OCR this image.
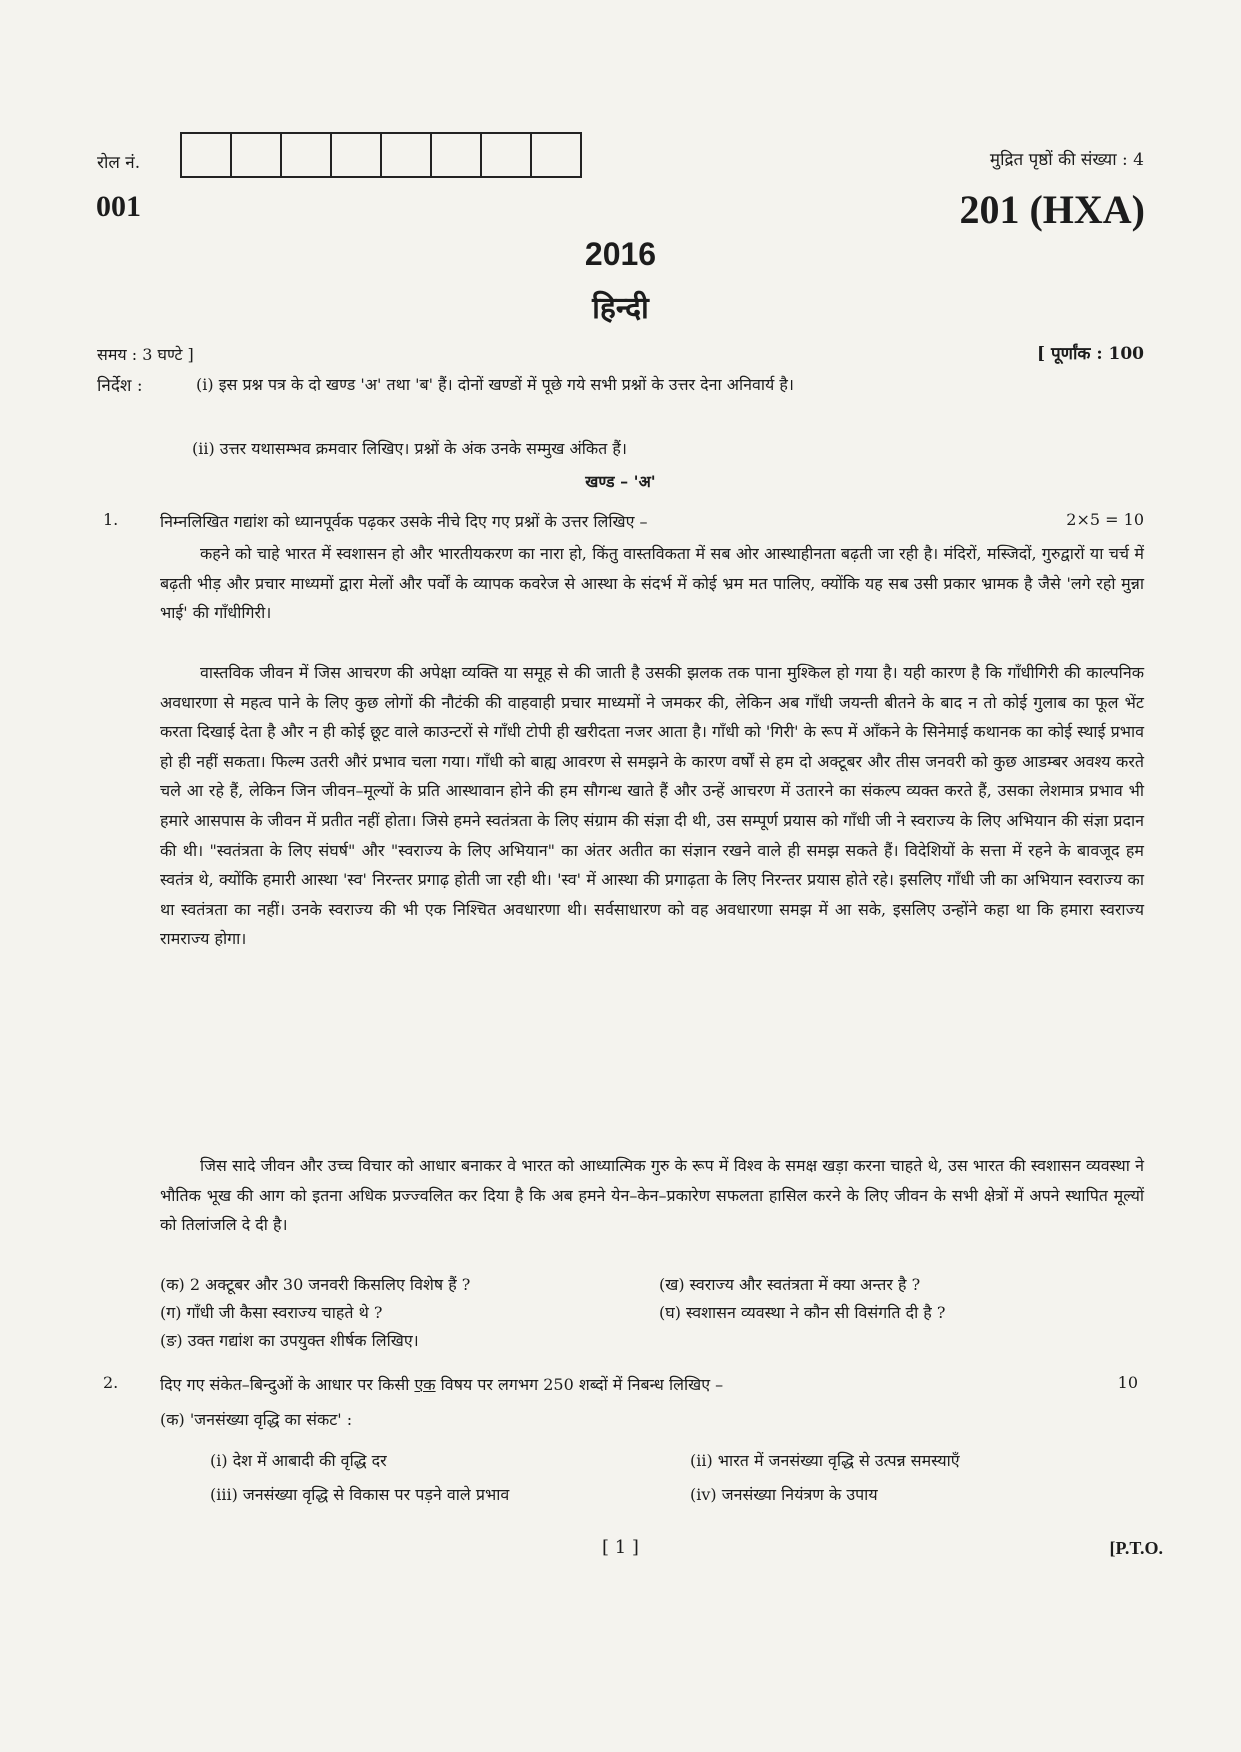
रोल नं.	मुद्रित पृष्ठों की संख्या : 4
001	201 (HXA)
2016
हिन्दी
समय : 3 घण्टे ]	[ पूर्णांक : 100
निर्देश :	(i) इस प्रश्न पत्र के दो खण्ड 'अ' तथा 'ब' हैं। दोनों खण्डों में पूछे गये सभी प्रश्नों के उत्तर देना अनिवार्य है।
(ii) उत्तर यथासम्भव क्रमवार लिखिए। प्रश्नों के अंक उनके सम्मुख अंकित हैं।
खण्ड – 'अ'
1.	निम्नलिखित गद्यांश को ध्यानपूर्वक पढ़कर उसके नीचे दिए गए प्रश्नों के उत्तर लिखिए –	2×5 = 10
कहने को चाहे भारत में स्वशासन हो और भारतीयकरण का नारा हो, किंतु वास्तविकता में सब ओर आस्थाहीनता बढ़ती जा रही है। मंदिरों, मस्जिदों, गुरुद्वारों या चर्च में बढ़ती भीड़ और प्रचार माध्यमों द्वारा मेलों और पर्वों के व्यापक कवरेज से आस्था के संदर्भ में कोई भ्रम मत पालिए, क्योंकि यह सब उसी प्रकार भ्रामक है जैसे 'लगे रहो मुन्ना भाई' की गाँधीगिरी।
वास्तविक जीवन में जिस आचरण की अपेक्षा व्यक्ति या समूह से की जाती है उसकी झलक तक पाना मुश्किल हो गया है। यही कारण है कि गाँधीगिरी की काल्पनिक अवधारणा से महत्व पाने के लिए कुछ लोगों की नौटंकी की वाहवाही प्रचार माध्यमों ने जमकर की, लेकिन अब गाँधी जयन्ती बीतने के बाद न तो कोई गुलाब का फूल भेंट करता दिखाई देता है और न ही कोई छूट वाले काउन्टरों से गाँधी टोपी ही खरीदता नजर आता है। गाँधी को 'गिरी' के रूप में आँकने के सिनेमाई कथानक का कोई स्थाई प्रभाव हो ही नहीं सकता। फिल्म उतरी औरं प्रभाव चला गया। गाँधी को बाह्य आवरण से समझने के कारण वर्षों से हम दो अक्टूबर और तीस जनवरी को कुछ आडम्बर अवश्य करते चले आ रहे हैं, लेकिन जिन जीवन–मूल्यों के प्रति आस्थावान होने की हम सौगन्ध खाते हैं और उन्हें आचरण में उतारने का संकल्प व्यक्त करते हैं, उसका लेशमात्र प्रभाव भी हमारे आसपास के जीवन में प्रतीत नहीं होता। जिसे हमने स्वतंत्रता के लिए संग्राम की संज्ञा दी थी, उस सम्पूर्ण प्रयास को गाँधी जी ने स्वराज्य के लिए अभियान की संज्ञा प्रदान की थी। "स्वतंत्रता के लिए संघर्ष" और "स्वराज्य के लिए अभियान" का अंतर अतीत का संज्ञान रखने वाले ही समझ सकते हैं। विदेशियों के सत्ता में रहने के बावजूद हम स्वतंत्र थे, क्योंकि हमारी आस्था 'स्व' निरन्तर प्रगाढ़ होती जा रही थी। 'स्व' में आस्था की प्रगाढ़ता के लिए निरन्तर प्रयास होते रहे। इसलिए गाँधी जी का अभियान स्वराज्य का था स्वतंत्रता का नहीं। उनके स्वराज्य की भी एक निश्चित अवधारणा थी। सर्वसाधारण को वह अवधारणा समझ में आ सके, इसलिए उन्होंने कहा था कि हमारा स्वराज्य रामराज्य होगा।
जिस सादे जीवन और उच्च विचार को आधार बनाकर वे भारत को आध्यात्मिक गुरु के रूप में विश्व के समक्ष खड़ा करना चाहते थे, उस भारत की स्वशासन व्यवस्था ने भौतिक भूख की आग को इतना अधिक प्रज्ज्वलित कर दिया है कि अब हमने येन–केन–प्रकारेण सफलता हासिल करने के लिए जीवन के सभी क्षेत्रों में अपने स्थापित मूल्यों को तिलांजलि दे दी है।
(क) 2 अक्टूबर और 30 जनवरी किसलिए विशेष हैं ?	(ख) स्वराज्य और स्वतंत्रता में क्या अन्तर है ?
(ग) गाँधी जी कैसा स्वराज्य चाहते थे ?	(घ) स्वशासन व्यवस्था ने कौन सी विसंगति दी है ?
(ङ) उक्त गद्यांश का उपयुक्त शीर्षक लिखिए।
2.	दिए गए संकेत–बिन्दुओं के आधार पर किसी एक विषय पर लगभग 250 शब्दों में निबन्ध लिखिए –	10
(क) 'जनसंख्या वृद्धि का संकट' :
(i) देश में आबादी की वृद्धि दर	(ii) भारत में जनसंख्या वृद्धि से उत्पन्न समस्याएँ
(iii) जनसंख्या वृद्धि से विकास पर पड़ने वाले प्रभाव	(iv) जनसंख्या नियंत्रण के उपाय
[ 1 ]	[P.T.O.
